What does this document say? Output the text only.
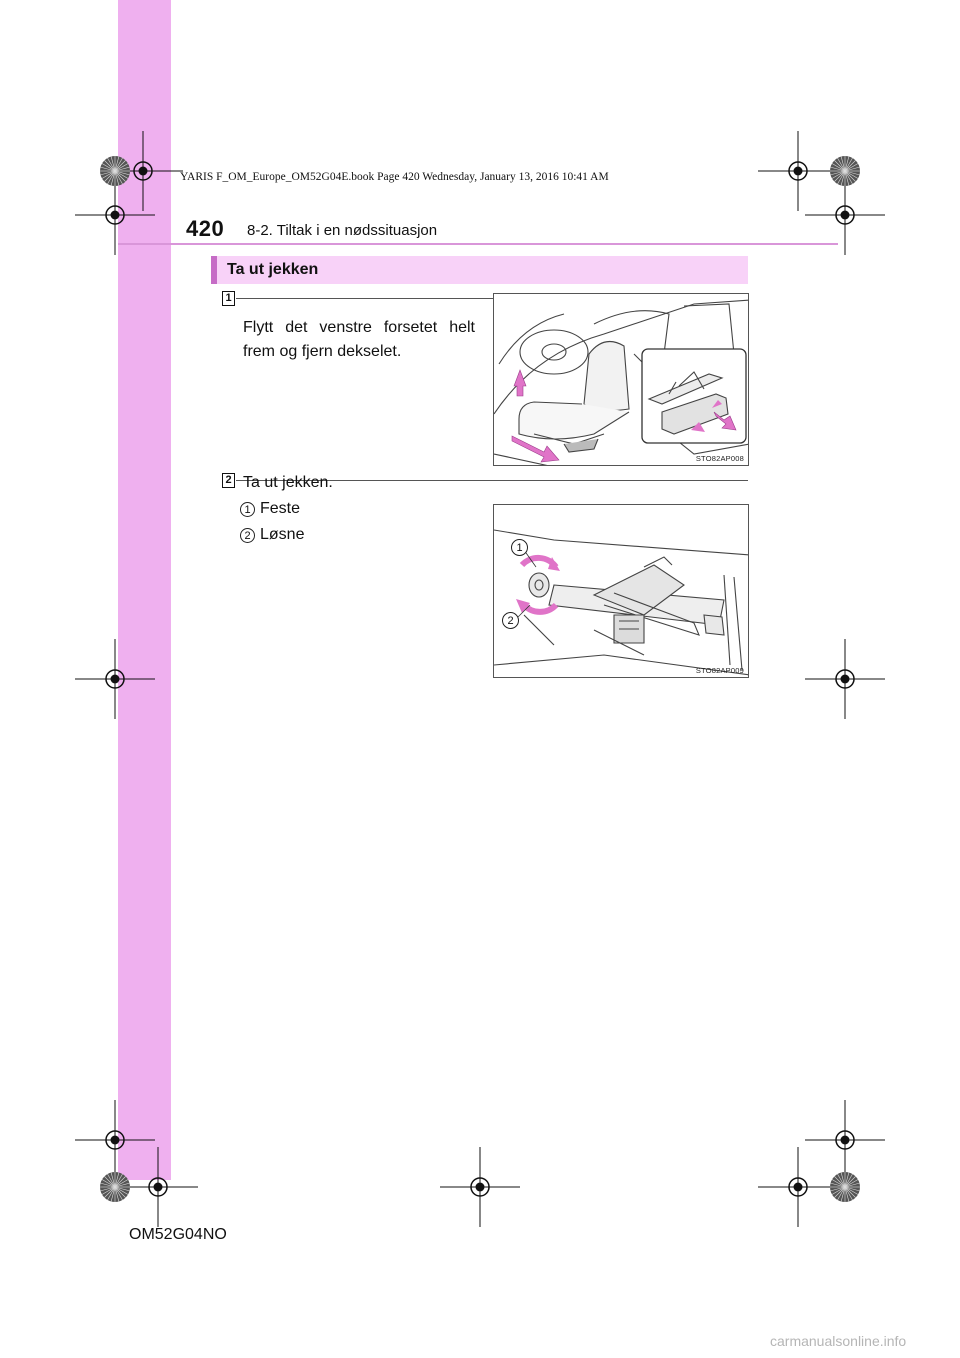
YARIS F_OM_Europe_OM52G04E.book Page 420 Wednesday, January 13, 2016 10:41 AM
420 8-2. Tiltak i en nødssituasjon
Ta ut jekken
1
Flytt det venstre forsetet helt frem og fjern dekselet.
STO82AP008
2 Ta ut jekken.
1 Feste
2 Løsne
1
2
STO82AP009
OM52G04NO
carmanualsonline.info
